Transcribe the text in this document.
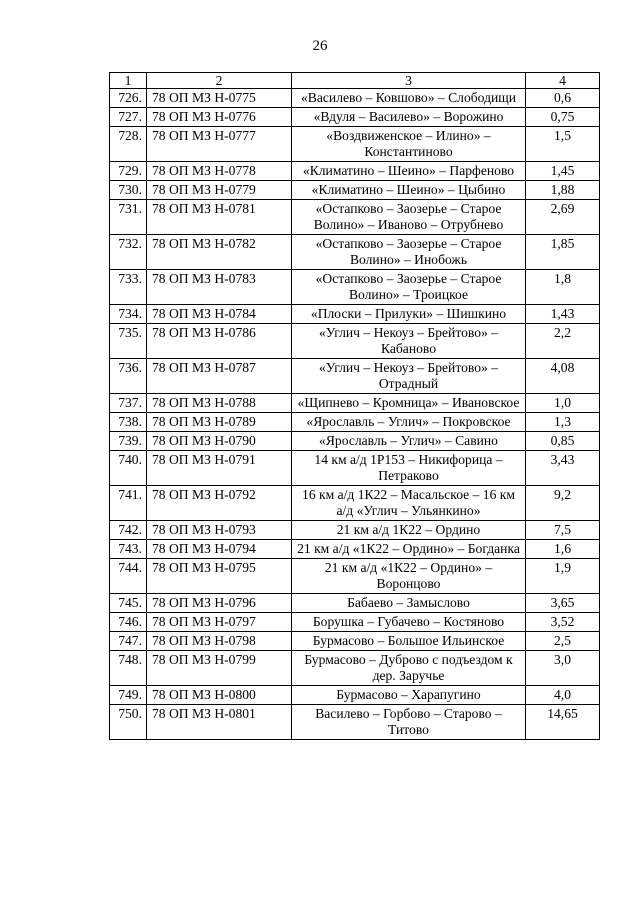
26
1	2	3	4
726.	78 ОП МЗ Н-0775	«Василево – Ковшово» – Слободищи	0,6
727.	78 ОП МЗ Н-0776	«Вдуля – Василево» – Ворожино	0,75
728.	78 ОП МЗ Н-0777	«Воздвиженское – Илино» – Константиново	1,5
729.	78 ОП МЗ Н-0778	«Климатино – Шеино» – Парфеново	1,45
730.	78 ОП МЗ Н-0779	«Климатино – Шеино» – Цыбино	1,88
731.	78 ОП МЗ Н-0781	«Остапково – Заозерье – Старое Волино» – Иваново – Отрубнево	2,69
732.	78 ОП МЗ Н-0782	«Остапково – Заозерье – Старое Волино» – Инобожь	1,85
733.	78 ОП МЗ Н-0783	«Остапково – Заозерье – Старое Волино» – Троицкое	1,8
734.	78 ОП МЗ Н-0784	«Плоски – Прилуки» – Шишкино	1,43
735.	78 ОП МЗ Н-0786	«Углич – Некоуз – Брейтово» – Кабаново	2,2
736.	78 ОП МЗ Н-0787	«Углич – Некоуз – Брейтово» – Отрадный	4,08
737.	78 ОП МЗ Н-0788	«Щипнево – Кромница» – Ивановское	1,0
738.	78 ОП МЗ Н-0789	«Ярославль – Углич» – Покровское	1,3
739.	78 ОП МЗ Н-0790	«Ярославль – Углич» – Савино	0,85
740.	78 ОП МЗ Н-0791	14 км а/д 1Р153 – Никифорица – Петраково	3,43
741.	78 ОП МЗ Н-0792	16 км а/д 1К22 – Масальское – 16 км а/д «Углич – Ульянкино»	9,2
742.	78 ОП МЗ Н-0793	21 км а/д 1К22 – Ордино	7,5
743.	78 ОП МЗ Н-0794	21 км а/д «1К22 – Ордино» – Богданка	1,6
744.	78 ОП МЗ Н-0795	21 км а/д «1К22 – Ордино» – Воронцово	1,9
745.	78 ОП МЗ Н-0796	Бабаево – Замыслово	3,65
746.	78 ОП МЗ Н-0797	Борушка – Губачево – Костяново	3,52
747.	78 ОП МЗ Н-0798	Бурмасово – Большое Ильинское	2,5
748.	78 ОП МЗ Н-0799	Бурмасово – Дуброво с подъездом к дер. Заручье	3,0
749.	78 ОП МЗ Н-0800	Бурмасово – Харапугино	4,0
750.	78 ОП МЗ Н-0801	Василево – Горбово – Старово – Титово	14,65
